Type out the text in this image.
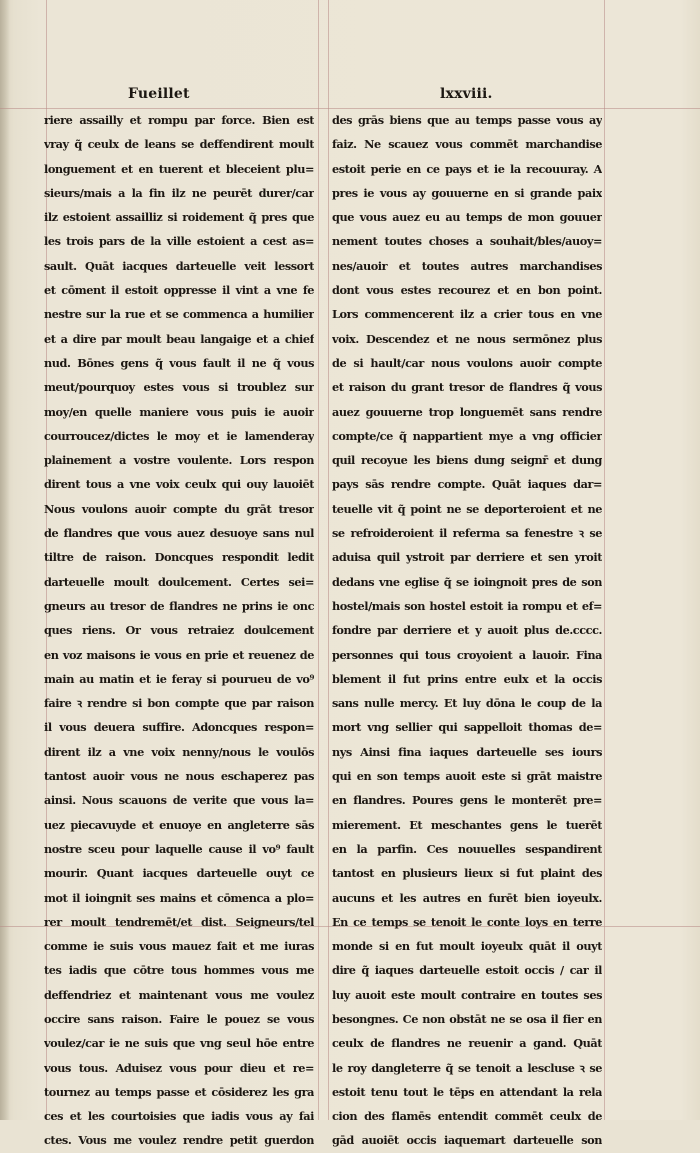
Fueillet	lxxviii.
riere assailly et rompu par force. Bien est
vray q̃ ceulx de leans se deffendirent moult
longuement et en tuerent et bleceient plu=
sieurs/mais a la fin ilz ne peurēt durer/car
ilz estoient assailliz si roidement q̃ pres que
les trois pars de la ville estoient a cest as=
sault. Quāt iacques darteuelle veit lessort
et cōment il estoit oppresse il vint a vne fe
nestre sur la rue et se commenca a humilier
et a dire par moult beau langaige et a chief
nud. Bōnes gens q̃ vous fault il ne q̃ vous
meut/pourquoy estes vous si troublez sur
moy/en quelle maniere vous puis ie auoir
courroucez/dictes le moy et ie lamenderay
plainement a vostre voulente. Lors respon
dirent tous a vne voix ceulx qui ouy lauoiēt
Nous voulons auoir compte du grāt tresor
de flandres que vous auez desuoye sans nul
tiltre de raison. Doncques respondit ledit
darteuelle moult doulcement. Certes sei=
gneurs au tresor de flandres ne prins ie onc
ques riens. Or vous retraiez doulcement
en voz maisons ie vous en prie et reuenez de
main au matin et ie feray si pourueu de vo⁹
faire ꝛ rendre si bon compte que par raison
il vous deuera suffire. Adoncques respon=
dirent ilz a vne voix nenny/nous le voulōs
tantost auoir vous ne nous eschaperez pas
ainsi. Nous scauons de verite que vous la=
uez piecavuyde et enuoye en angleterre sās
nostre sceu pour laquelle cause il vo⁹ fault
mourir. Quant iacques darteuelle ouyt ce
mot il ioingnit ses mains et cōmenca a plo=
rer moult tendremēt/et dist. Seigneurs/tel
comme ie suis vous mauez fait et me iuras
tes iadis que cōtre tous hommes vous me
deffendriez et maintenant vous me voulez
occire sans raison. Faire le pouez se vous
voulez/car ie ne suis que vng seul hōe entre
vous tous. Aduisez vous pour dieu et re=
tournez au temps passe et cōsiderez les gra
ces et les courtoisies que iadis vous ay fai
ctes. Vous me voulez rendre petit guerdon
des grās biens que au temps passe vous ay
faiz. Ne scauez vous commēt marchandise
estoit perie en ce pays et ie la recouuray. A
pres ie vous ay gouuerne en si grande paix
que vous auez eu au temps de mon gouuer
nement toutes choses a souhait/bles/auoy=
nes/auoir et toutes autres marchandises
dont vous estes recourez et en bon point.
Lors commencerent ilz a crier tous en vne
voix. Descendez et ne nous sermōnez plus
de si hault/car nous voulons auoir compte
et raison du grant tresor de flandres q̃ vous
auez gouuerne trop longuemēt sans rendre
compte/ce q̃ nappartient mye a vng officier
quil recoyue les biens dung seignr̄ et dung
pays sās rendre compte. Quāt iaques dar=
teuelle vit q̃ point ne se deporteroient et ne
se refroideroient il referma sa fenestre ꝛ se
aduisa quil ystroit par derriere et sen yroit
dedans vne eglise q̃ se ioingnoit pres de son
hostel/mais son hostel estoit ia rompu et ef=
fondre par derriere et y auoit plus de.cccc.
personnes qui tous croyoient a lauoir. Fina
blement il fut prins entre eulx et la occis
sans nulle mercy. Et luy dōna le coup de la
mort vng sellier qui sappelloit thomas de=
nys Ainsi fina iaques darteuelle ses iours
qui en son temps auoit este si grāt maistre
en flandres. Poures gens le monterēt pre=
mierement. Et meschantes gens le tuerēt
en la parfin. Ces nouuelles sespandirent
tantost en plusieurs lieux si fut plaint des
aucuns et les autres en furēt bien ioyeulx.
En ce temps se tenoit le conte loys en terre
monde si en fut moult ioyeulx quāt il ouyt
dire q̃ iaques darteuelle estoit occis / car il
luy auoit este moult contraire en toutes ses
besongnes. Ce non obstāt ne se osa il fier en
ceulx de flandres ne reuenir a gand. Quāt
le roy dangleterre q̃ se tenoit a lescluse ꝛ se
estoit tenu tout le tēps en attendant la rela
cion des flamēs entendit commēt ceulx de
gād auoiēt occis iaquemart darteuelle son
